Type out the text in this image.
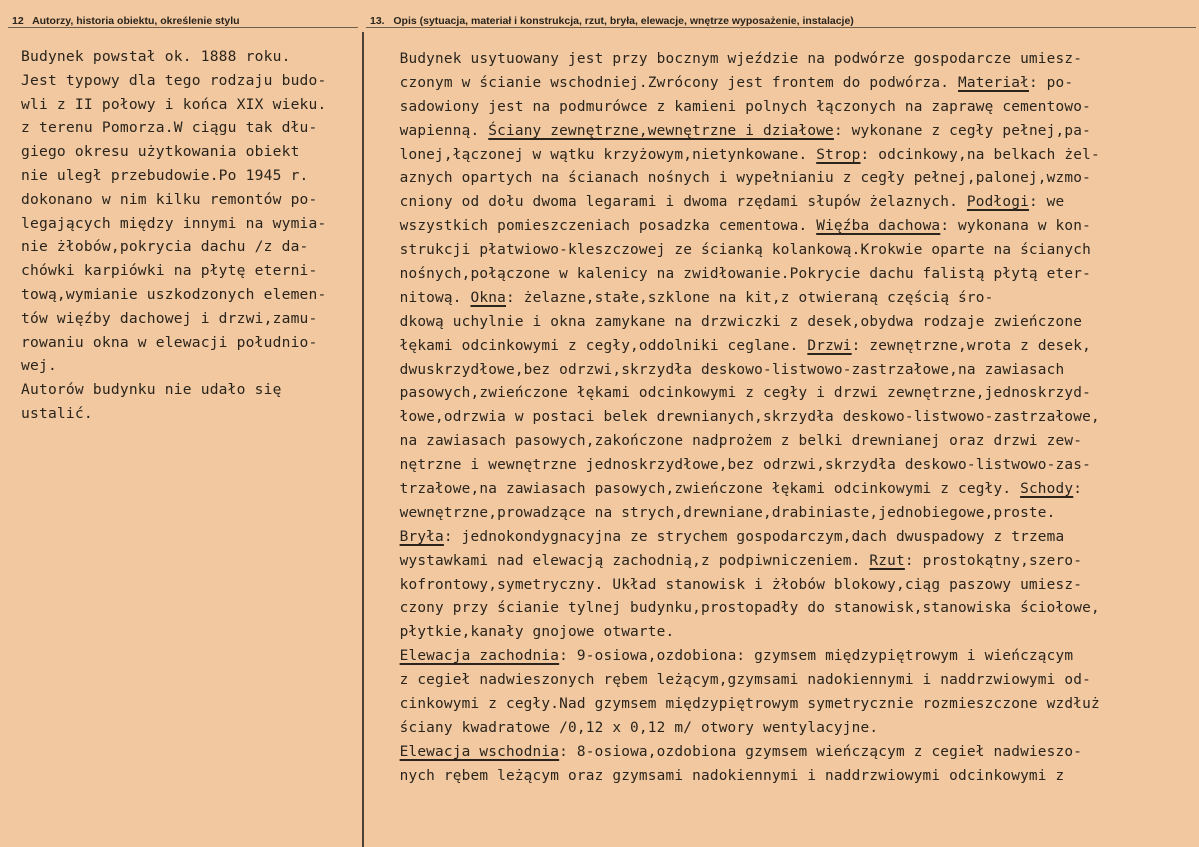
12 Autorzy, historia obiektu, określenie stylu	13. Opis (sytuacja, materiał i konstrukcja, rzut, bryła, elewacje, wnętrze wyposażenie, instalacje)
Budynek powstał ok. 1888 roku.
Jest typowy dla tego rodzaju budo-
wli z II połowy i końca XIX wieku.
z terenu Pomorza.W ciągu tak dłu-
giego okresu użytkowania obiekt
nie uległ przebudowie.Po 1945 r.
dokonano w nim kilku remontów po-
legających między innymi na wymia-
nie żłobów,pokrycia dachu /z da-
chówki karpiówki na płytę eterni-
tową,wymianie uszkodzonych elemen-
tów więźby dachowej i drzwi,zamu-
rowaniu okna w elewacji południo-
wej.
Autorów budynku nie udało się
ustalić.
Budynek usytuowany jest przy bocznym wjeździe na podwórze gospodarcze umiesz-
czonym w ścianie wschodniej.Zwrócony jest frontem do podwórza. Materiał: po-
sadowiony jest na podmurówce z kamieni polnych łączonych na zaprawę cementowo-
wapienną. Ściany zewnętrzne,wewnętrzne i działowe: wykonane z cegły pełnej,pa-
lonej,łączonej w wątku krzyżowym,nietynkowane. Strop: odcinkowy,na belkach żel-
aznych opartych na ścianach nośnych i wypełnianiu z cegły pełnej,palonej,wzmo-
cniony od dołu dwoma legarami i dwoma rzędami słupów żelaznych. Podłogi: we
wszystkich pomieszczeniach posadzka cementowa. Więźba dachowa: wykonana w kon-
strukcji płatwiowo-kleszczowej ze ścianką kolankową.Krokwie oparte na ścianych
nośnych,połączone w kalenicy na zwidłowanie.Pokrycie dachu falistą płytą eter-
nitową. Okna: żelazne,stałe,szklone na kit,z otwieraną częścią śro-
dkową uchylnie i okna zamykane na drzwiczki z desek,obydwa rodzaje zwieńczone
łękami odcinkowymi z cegły,oddolniki ceglane. Drzwi: zewnętrzne,wrota z desek,
dwuskrzydłowe,bez odrzwi,skrzydła deskowo-listwowo-zastrzałowe,na zawiasach
pasowych,zwieńczone łękami odcinkowymi z cegły i drzwi zewnętrzne,jednoskrzyd-
łowe,odrzwia w postaci belek drewnianych,skrzydła deskowo-listwowo-zastrzałowe,
na zawiasach pasowych,zakończone nadprożem z belki drewnianej oraz drzwi zew-
nętrzne i wewnętrzne jednoskrzydłowe,bez odrzwi,skrzydła deskowo-listwowo-zas-
trzałowe,na zawiasach pasowych,zwieńczone łękami odcinkowymi z cegły. Schody:
wewnętrzne,prowadzące na strych,drewniane,drabiniaste,jednobiegowe,proste.
Bryła: jednokondygnacyjna ze strychem gospodarczym,dach dwuspadowy z trzema
wystawkami nad elewacją zachodnią,z podpiwniczeniem. Rzut: prostokątny,szero-
kofrontowy,symetryczny. Układ stanowisk i żłobów blokowy,ciąg paszowy umiesz-
czony przy ścianie tylnej budynku,prostopadły do stanowisk,stanowiska ściołowe,
płytkie,kanały gnojowe otwarte.
Elewacja zachodnia: 9-osiowa,ozdobiona: gzymsem międzypiętrowym i wieńczącym
z cegieł nadwieszonych rębem leżącym,gzymsami nadokiennymi i naddrzwiowymi od-
cinkowymi z cegły.Nad gzymsem międzypiętrowym symetrycznie rozmieszczone wzdłuż
ściany kwadratowe /0,12 x 0,12 m/ otwory wentylacyjne.
Elewacja wschodnia: 8-osiowa,ozdobiona gzymsem wieńczącym z cegieł nadwieszo-
nych rębem leżącym oraz gzymsami nadokiennymi i naddrzwiowymi odcinkowymi z
